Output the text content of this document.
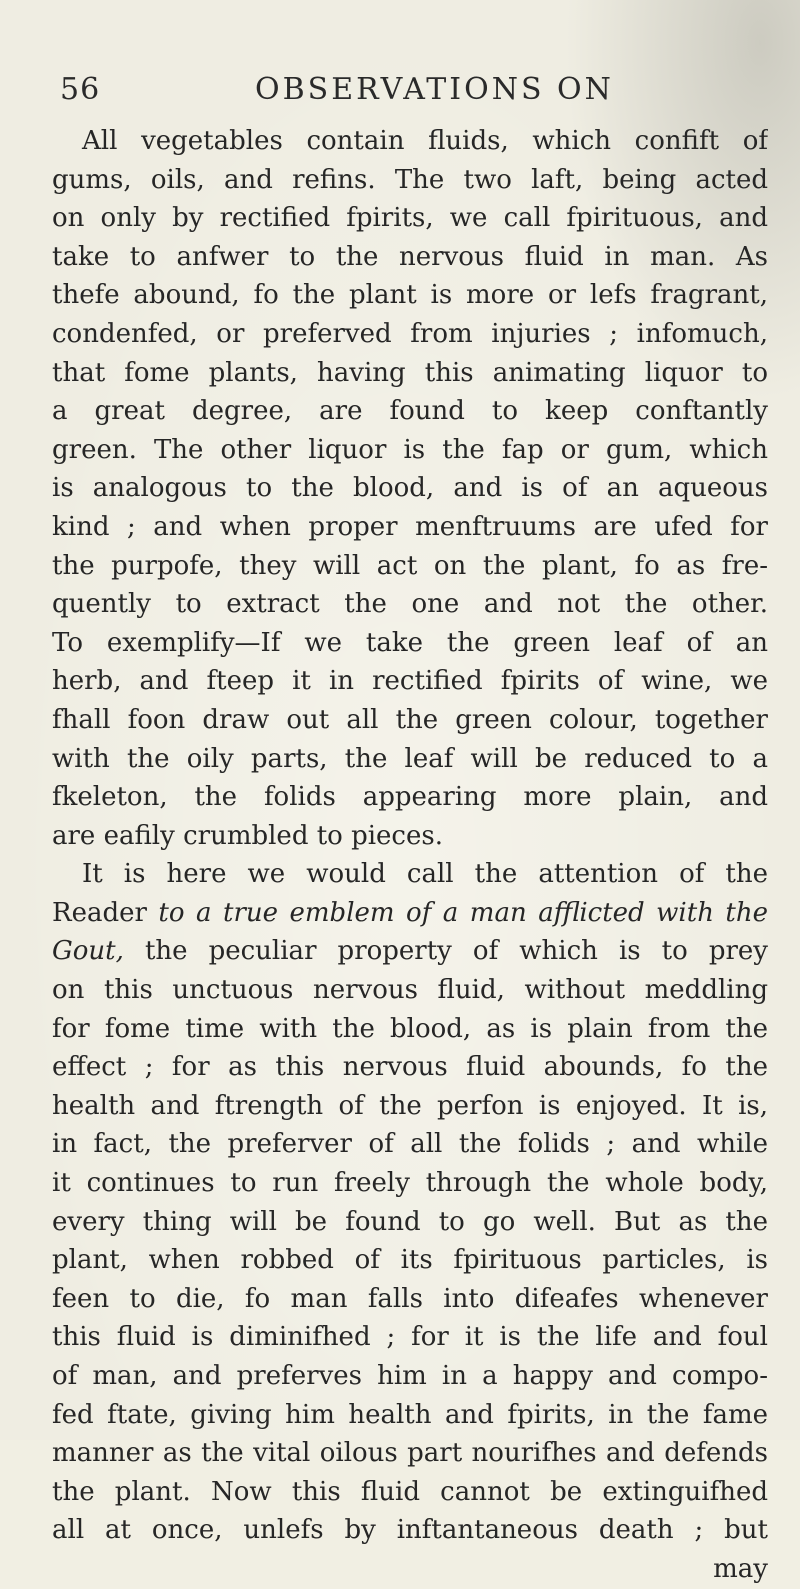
56	OBSERVATIONS ON
All vegetables contain fluids, which confift of
gums, oils, and refins. The two laft, being acted
on only by rectified fpirits, we call fpirituous, and
take to anfwer to the nervous fluid in man. As
thefe abound, fo the plant is more or lefs fragrant,
condenfed, or preferved from injuries ; infomuch,
that fome plants, having this animating liquor to
a great degree, are found to keep conftantly
green. The other liquor is the fap or gum, which
is analogous to the blood, and is of an aqueous
kind ; and when proper menftruums are ufed for
the purpofe, they will act on the plant, fo as fre-
quently to extract the one and not the other.
To exemplify—If we take the green leaf of an
herb, and fteep it in rectified fpirits of wine, we
fhall foon draw out all the green colour, together
with the oily parts, the leaf will be reduced to a
fkeleton, the folids appearing more plain, and
are eafily crumbled to pieces.
It is here we would call the attention of the
Reader to a true emblem of a man afflicted with the
Gout, the peculiar property of which is to prey
on this unctuous nervous fluid, without meddling
for fome time with the blood, as is plain from the
effect ; for as this nervous fluid abounds, fo the
health and ftrength of the perfon is enjoyed. It is,
in fact, the preferver of all the folids ; and while
it continues to run freely through the whole body,
every thing will be found to go well. But as the
plant, when robbed of its fpirituous particles, is
feen to die, fo man falls into difeafes whenever
this fluid is diminifhed ; for it is the life and foul
of man, and preferves him in a happy and compo-
fed ftate, giving him health and fpirits, in the fame
manner as the vital oilous part nourifhes and defends
the plant. Now this fluid cannot be extinguifhed
all at once, unlefs by inftantaneous death ; but
may
